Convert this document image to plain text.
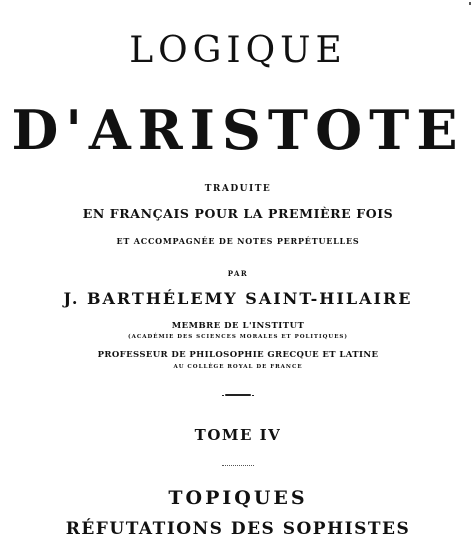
LOGIQUE

D'ARISTOTE

TRADUITE

EN FRANÇAIS POUR LA PREMIÈRE FOIS

ET ACCOMPAGNÉE DE NOTES PERPÉTUELLES

PAR

J. BARTHÉLEMY SAINT-HILAIRE

MEMBRE DE L'INSTITUT

(ACADÉMIE DES SCIENCES MORALES ET POLITIQUES)

PROFESSEUR DE PHILOSOPHIE GRECQUE ET LATINE

AU COLLÈGE ROYAL DE FRANCE

TOME IV

TOPIQUES

RÉFUTATIONS DES SOPHISTES
